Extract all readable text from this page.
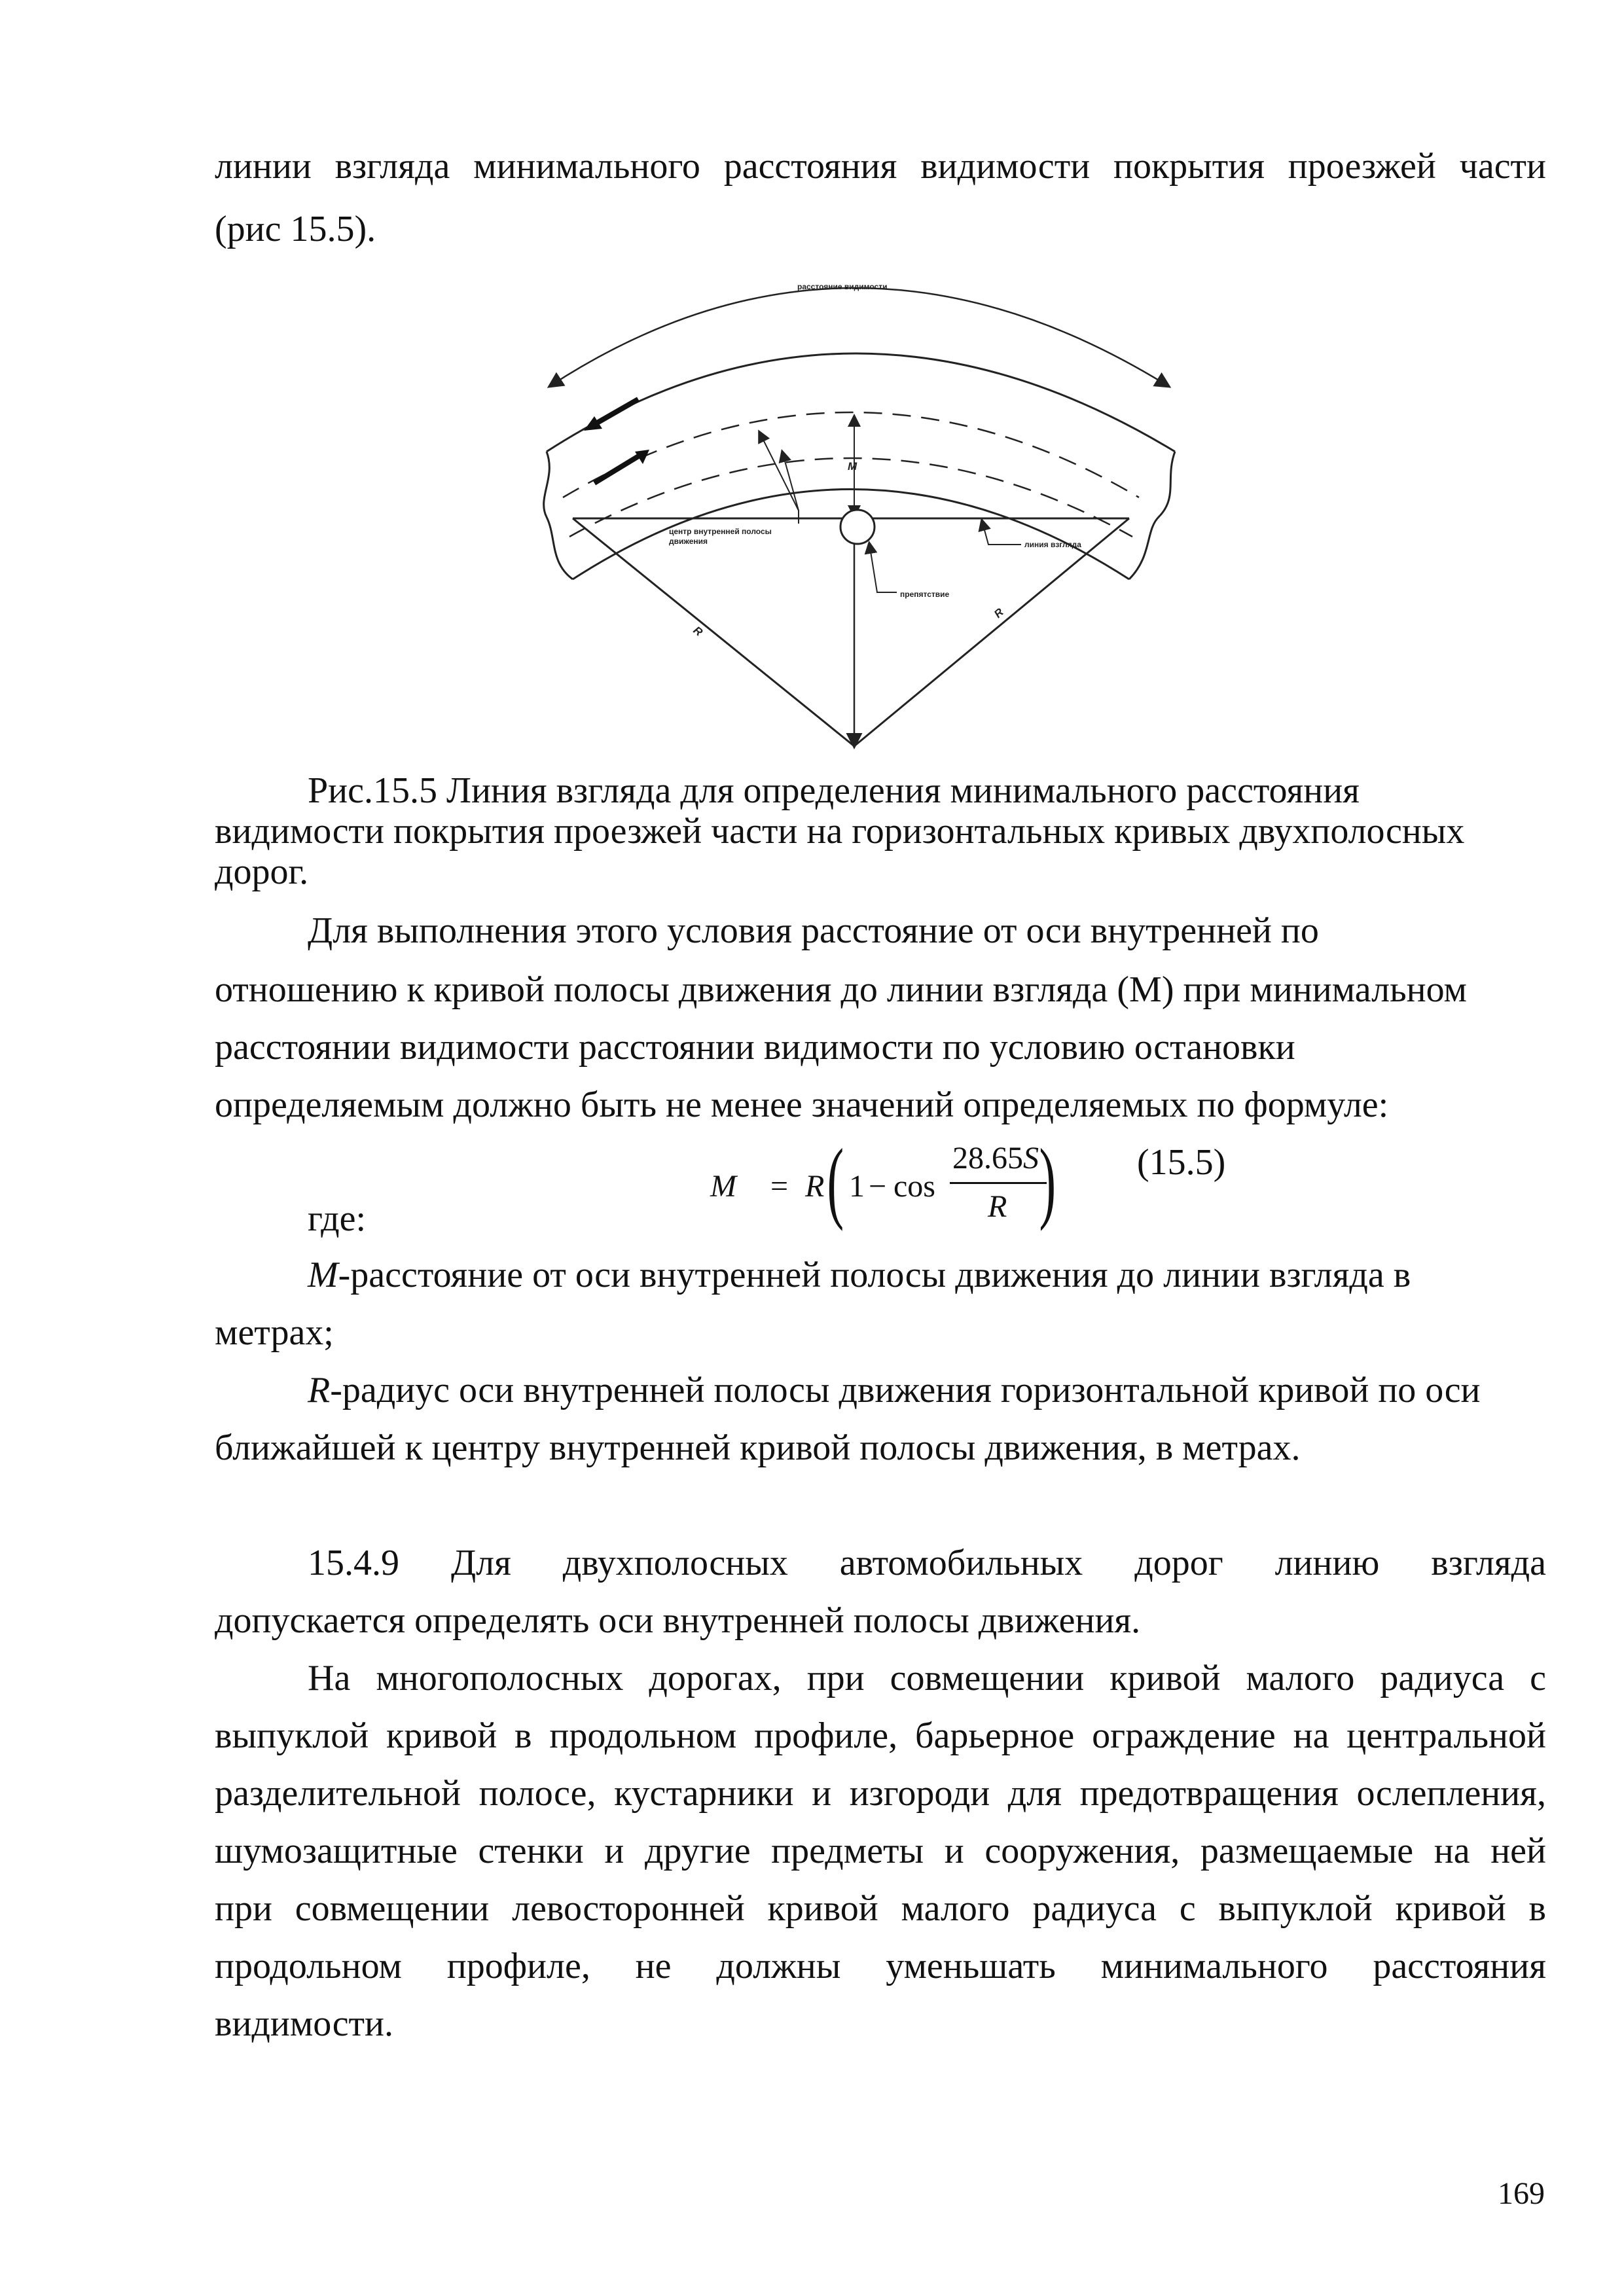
линии взгляда минимального расстояния видимости покрытия проезжей части
(рис 15.5).
расстояние видимости
M
R
R
центр внутренней полосы
движения	линия взгляда
препятствие
Рис.15.5 Линия взгляда для определения минимального расстояния
видимости покрытия проезжей части на горизонтальных кривых двухполосных
дорог.
Для выполнения этого условия расстояние от оси внутренней по
отношению к кривой полосы движения до линии взгляда (М) при минимальном
расстоянии видимости расстоянии видимости по условию остановки
определяемым должно быть не менее значений определяемых по формуле:
M = R ( 1 − cos
28.65S
R ) (15.5)
где:
M-расстояние от оси внутренней полосы движения до линии взгляда в
метрах;
R-радиус оси внутренней полосы движения горизонтальной кривой по оси
ближайшей к центру внутренней кривой полосы движения, в метрах.
15.4.9 Для двухполосных автомобильных дорог линию взгляда
допускается определять оси внутренней полосы движения.
На многополосных дорогах, при совмещении кривой малого радиуса с
выпуклой кривой в продольном профиле, барьерное ограждение на центральной
разделительной полосе, кустарники и изгороди для предотвращения ослепления,
шумозащитные стенки и другие предметы и сооружения, размещаемые на ней
при совмещении левосторонней кривой малого радиуса с выпуклой кривой в
продольном профиле, не должны уменьшать минимального расстояния
видимости.
169
